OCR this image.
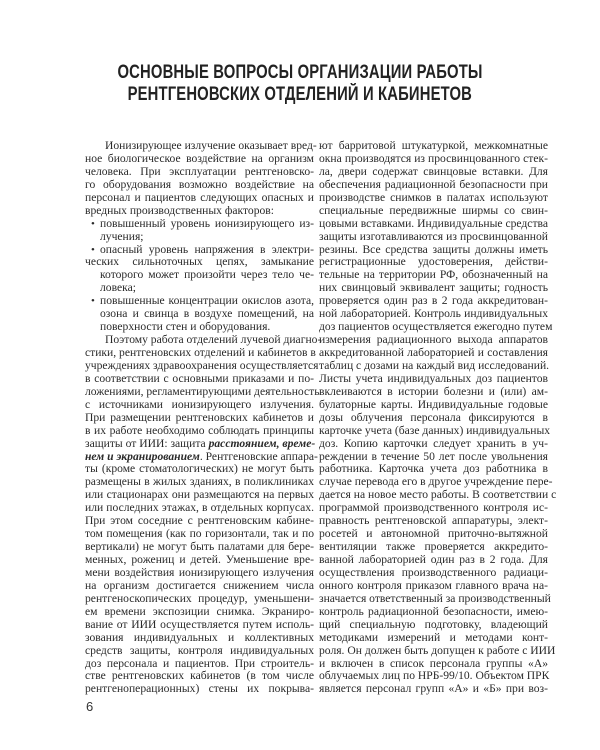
ОСНОВНЫЕ ВОПРОСЫ ОРГАНИЗАЦИИ РАБОТЫ
РЕНТГЕНОВСКИХ ОТДЕЛЕНИЙ И КАБИНЕТОВ
Ионизирующее излучение оказывает вред-
ное биологическое воздействие на организм
человека. При эксплуатации рентгеновско-
го оборудования возможно воздействие на
персонал и пациентов следующих опасных и
вредных производственных факторов:
• повышенный уровень ионизирующего из-
лучения;
• опасный уровень напряжения в электри-
ческих сильноточных цепях, замыкание
которого может произойти через тело че-
ловека;
• повышенные концентрации окислов азота,
озона и свинца в воздухе помещений, на
поверхности стен и оборудования.
Поэтому работа отделений лучевой диагно-
стики, рентгеновских отделений и кабинетов в
учреждениях здравоохранения осуществляется
в соответствии с основными приказами и по-
ложениями, регламентирующими деятельность
с источниками ионизирующего излучения.
При размещении рентгеновских кабинетов и
в их работе необходимо соблюдать принципы
защиты от ИИИ: защита расстоянием, време-
нем и экранированием. Рентгеновские аппара-
ты (кроме стоматологических) не могут быть
размещены в жилых зданиях, в поликлиниках
или стационарах они размещаются на первых
или последних этажах, в отдельных корпусах.
При этом соседние с рентгеновским кабине-
том помещения (как по горизонтали, так и по
вертикали) не могут быть палатами для бере-
менных, рожениц и детей. Уменьшение вре-
мени воздействия ионизирующего излучения
на организм достигается снижением числа
рентгеноскопических процедур, уменьшени-
ем времени экспозиции снимка. Экраниро-
вание от ИИИ осуществляется путем исполь-
зования индивидуальных и коллективных
средств защиты, контроля индивидуальных
доз персонала и пациентов. При строитель-
стве рентгеновских кабинетов (в том числе
рентгеноперационных) стены их покрыва-
ют барритовой штукатуркой, межкомнатные
окна производятся из просвинцованного стек-
ла, двери содержат свинцовые вставки. Для
обеспечения радиационной безопасности при
производстве снимков в палатах используют
специальные передвижные ширмы со свин-
цовыми вставками. Индивидуальные средства
защиты изготавливаются из просвинцованной
резины. Все средства защиты должны иметь
регистрационные удостоверения, действи-
тельные на территории РФ, обозначенный на
них свинцовый эквивалент защиты; годность
проверяется один раз в 2 года аккредитован-
ной лабораторией. Контроль индивидуальных
доз пациентов осуществляется ежегодно путем
измерения радиационного выхода аппаратов
аккредитованной лабораторией и составления
таблиц с дозами на каждый вид исследований.
Листы учета индивидуальных доз пациентов
вклеиваются в истории болезни и (или) ам-
булаторные карты. Индивидуальные годовые
дозы облучения персонала фиксируются в
карточке учета (базе данных) индивидуальных
доз. Копию карточки следует хранить в уч-
реждении в течение 50 лет после увольнения
работника. Карточка учета доз работника в
случае перевода его в другое учреждение пере-
дается на новое место работы. В соответствии с
программой производственного контроля ис-
правность рентгеновской аппаратуры, элект-
росетей и автономной приточно-вытяжной
вентиляции также проверяется аккредито-
ванной лабораторией один раз в 2 года. Для
осуществления производственного радиаци-
онного контроля приказом главного врача на-
значается ответственный за производственный
контроль радиационной безопасности, имею-
щий специальную подготовку, владеющий
методиками измерений и методами конт-
роля. Он должен быть допущен к работе с ИИИ
и включен в список персонала группы «А»
облучаемых лиц по НРБ-99/10. Объектом ПРК
является персонал групп «А» и «Б» при воз-
6
